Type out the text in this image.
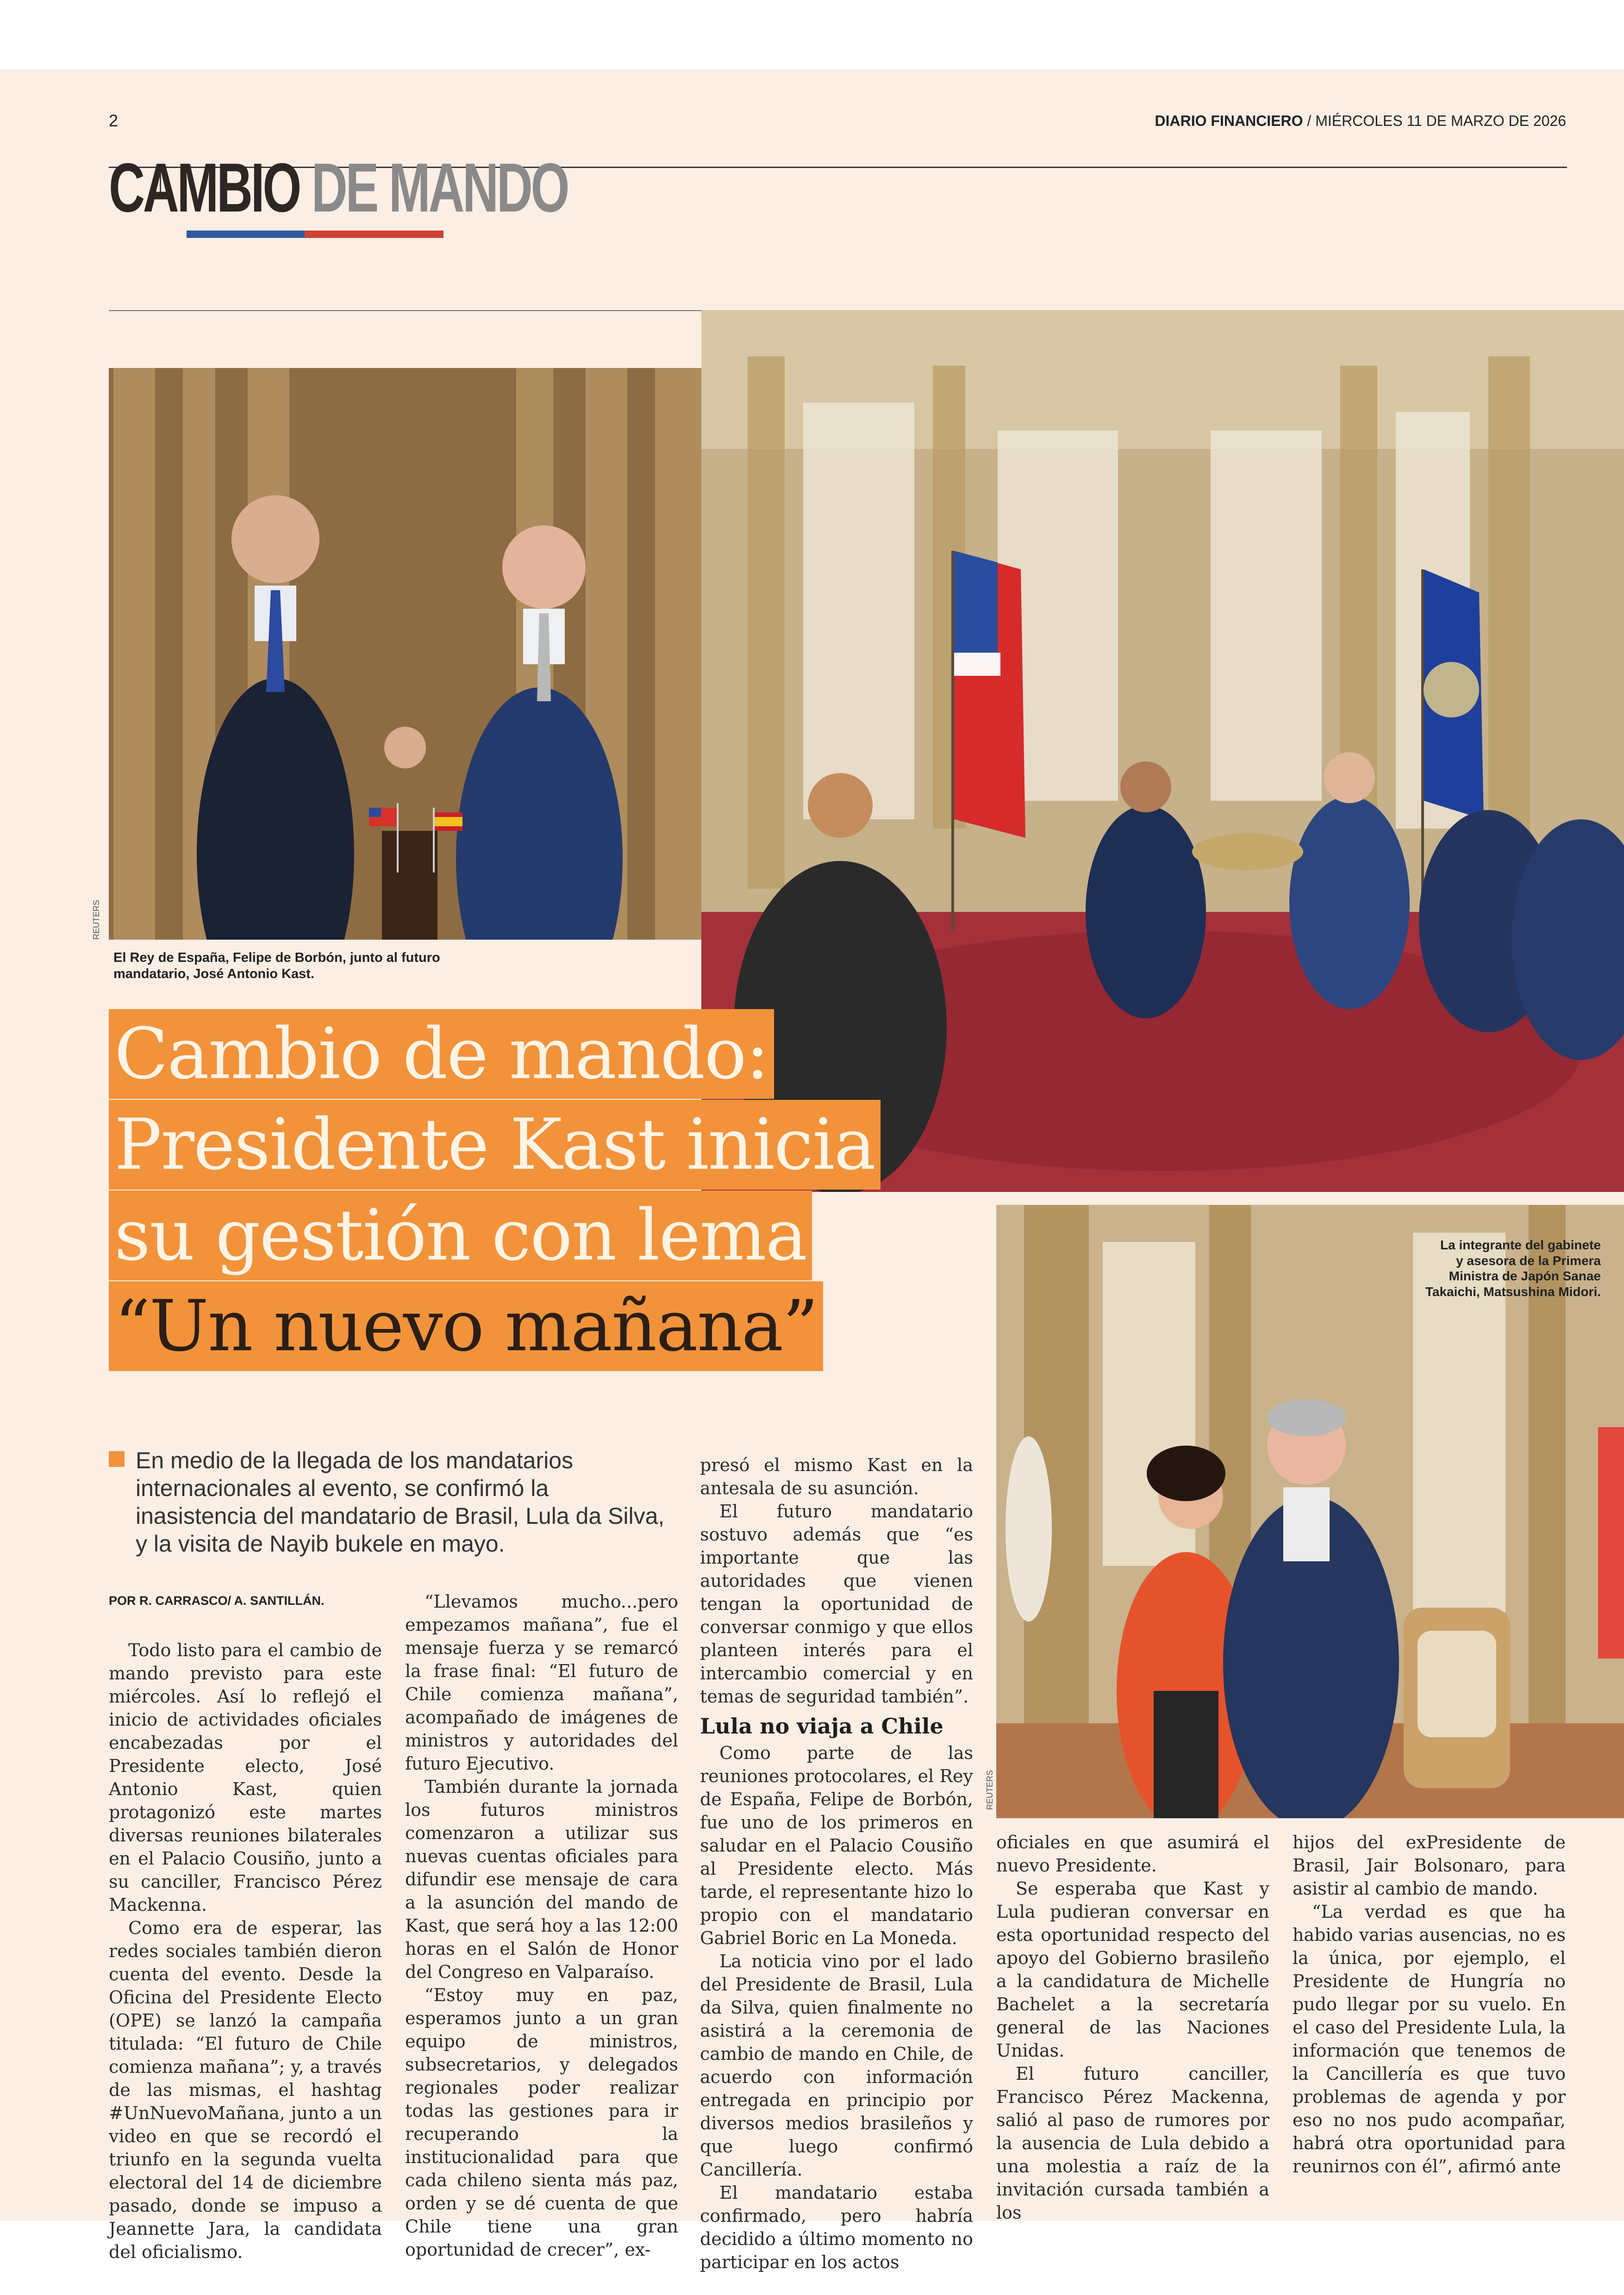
2	DIARIO FINANCIERO / MIÉRCOLES 11 DE MARZO DE 2026
CAMBIO DE MANDO
REUTERS
El Rey de España, Felipe de Borbón, junto al futuro
mandatario, José Antonio Kast.
La integrante del gabinete
y asesora de la Primera
Ministra de Japón Sanae
Takaichi, Matsushina Midori.
REUTERS
Cambio de mando:
Presidente Kast inicia
su gestión con lema
“Un nuevo mañana”
En medio de la llegada de los mandatarios internacionales al evento, se confirmó la inasistencia del mandatario de Brasil, Lula da Silva, y la visita de Nayib bukele en mayo.
POR R. CARRASCO/ A. SANTILLÁN.

Todo listo para el cambio de mando previsto para este miércoles. Así lo reflejó el inicio de actividades oficiales encabezadas por el Presidente electo, José Antonio Kast, quien protagonizó este martes diversas reuniones bilaterales en el Palacio Cousiño, junto a su canciller, Francisco Pérez Mackenna.

Como era de esperar, las redes sociales también dieron cuenta del evento. Desde la Oficina del Presidente Electo (OPE) se lanzó la campaña titulada: “El futuro de Chile comienza mañana”; y, a través de las mismas, el hashtag #UnNuevoMañana, junto a un video en que se recordó el triunfo en la segunda vuelta electoral del 14 de diciembre pasado, donde se impuso a Jeannette Jara, la candidata del oficialismo.

“Llevamos mucho...pero empezamos mañana”, fue el mensaje fuerza y se remarcó la frase final: “El futuro de Chile comienza mañana”, acompañado de imágenes de ministros y autoridades del futuro Ejecutivo.

También durante la jornada los futuros ministros comenzaron a utilizar sus nuevas cuentas oficiales para difundir ese mensaje de cara a la asunción del mando de Kast, que será hoy a las 12:00 horas en el Salón de Honor del Congreso en Valparaíso.

“Estoy muy en paz, esperamos junto a un gran equipo de ministros, subsecretarios, y delegados regionales poder realizar todas las gestiones para ir recuperando la institucionalidad para que cada chileno sienta más paz, orden y se dé cuenta de que Chile tiene una gran oportunidad de crecer”, ex-

presó el mismo Kast en la antesala de su asunción.

El futuro mandatario sostuvo además que “es importante que las autoridades que vienen tengan la oportunidad de conversar conmigo y que ellos planteen interés para el intercambio comercial y en temas de seguridad también”.

Lula no viaja a Chile

Como parte de las reuniones protocolares, el Rey de España, Felipe de Borbón, fue uno de los primeros en saludar en el Palacio Cousiño al Presidente electo. Más tarde, el representante hizo lo propio con el mandatario Gabriel Boric en La Moneda.

La noticia vino por el lado del Presidente de Brasil, Lula da Silva, quien finalmente no asistirá a la ceremonia de cambio de mando en Chile, de acuerdo con información entregada en principio por diversos medios brasileños y que luego confirmó Cancillería.

El mandatario estaba confirmado, pero habría decidido a último momento no participar en los actos

oficiales en que asumirá el nuevo Presidente.

Se esperaba que Kast y Lula pudieran conversar en esta oportunidad respecto del apoyo del Gobierno brasileño a la candidatura de Michelle Bachelet a la secretaría general de las Naciones Unidas.

El futuro canciller, Francisco Pérez Mackenna, salió al paso de rumores por la ausencia de Lula debido a una molestia a raíz de la invitación cursada también a los

hijos del exPresidente de Brasil, Jair Bolsonaro, para asistir al cambio de mando.

“La verdad es que ha habido varias ausencias, no es la única, por ejemplo, el Presidente de Hungría no pudo llegar por su vuelo. En el caso del Presidente Lula, la información que tenemos de la Cancillería es que tuvo problemas de agenda y por eso no nos pudo acompañar, habrá otra oportunidad para reunirnos con él”, afirmó ante
